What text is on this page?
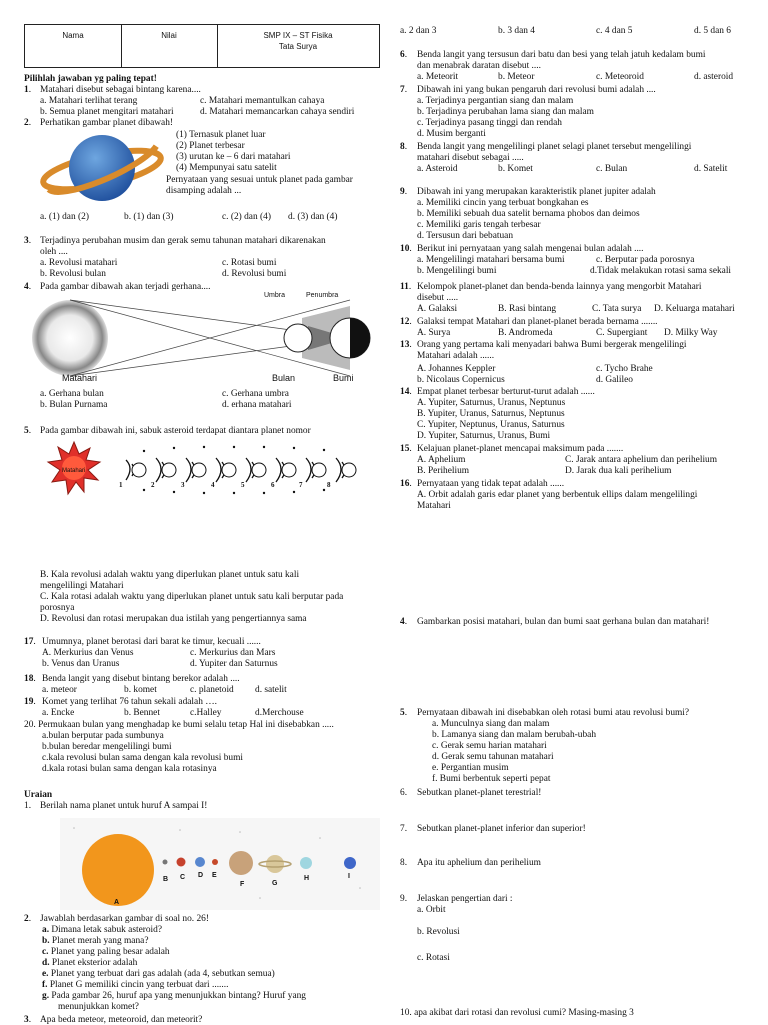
Nama	Nilai	SMP IX – ST Fisika
Tata Surya
Pilihlah jawaban yg paling tepat!
1. Matahari disebut sebagai bintang karena....
a. Matahari terlihat terang	c. Matahari memantulkan cahaya
b. Semua planet mengitari matahari	d. Matahari memancarkan cahaya sendiri
2. Perhatikan gambar planet dibawah!
(1) Ternasuk planet luar
(2) Planet terbesar
(3) urutan ke – 6 dari matahari
(4) Mempunyai satu satelit
Pernyataan yang sesuai untuk planet pada gambar
disamping adalah ...
a. (1) dan (2)	b. (1) dan (3)	c. (2) dan (4) d. (3) dan (4)
3. Terjadinya perubahan musim dan gerak semu tahunan matahari dikarenakan
oleh ....
a. Revolusi matahari	c. Rotasi bumi
b. Revolusi bulan	d. Revolusi bumi
4. Pada gambar dibawah akan terjadi gerhana....
Umbra	Penumbra
Matahari	Bulan	Bumi
a. Gerhana bulan	c. Gerhana umbra
b. Bulan Purnama	d. erhana matahari
5. Pada gambar dibawah ini, sabuk asteroid terdapat diantara planet nomor
Matahari
1	2	3	4	5	6	7	8
B. Kala revolusi adalah waktu yang diperlukan planet untuk satu kali
mengelilingi Matahari
C. Kala rotasi adalah waktu yang diperlukan planet untuk satu kali berputar pada
porosnya
D. Revolusi dan rotasi merupakan dua istilah yang pengertiannya sama
17. Umumnya, planet berotasi dari barat ke timur, kecuali ......
A. Merkurius dan Venus	c. Merkurius dan Mars
b. Venus dan Uranus	d. Yupiter dan Saturnus
18. Benda langit yang disebut bintang berekor adalah ....
a. meteor	b. komet	c. planetoid d. satelit
19. Komet yang terlihat 76 tahun sekali adalah ….
a. Encke	b. Bennet	c.Halley	d.Merchouse
20. Permukaan bulan yang menghadap ke bumi selalu tetap Hal ini disebabkan .....
a.bulan berputar pada sumbunya
b.bulan beredar mengelilingi bumi
c.kala revolusi bulan sama dengan kala revolusi bumi
d.kala rotasi bulan sama dengan kala rotasinya
Uraian
1. Berilah nama planet untuk huruf A sampai I!
A
B C D E
F	G
H	I
2. Jawablah berdasarkan gambar di soal no. 26!
a. Dimana letak sabuk asteroid?
b. Planet merah yang mana?
c. Planet yang paling besar adalah
d. Planet eksterior adalah
e. Planet yang terbuat dari gas adalah (ada 4, sebutkan semua)
f. Planet G memiliki cincin yang terbuat dari .......
g. Pada gambar 26, huruf apa yang menunjukkan bintang? Huruf yang
menunjukkan komet?
3. Apa beda meteor, meteoroid, dan meteorit?
a. 2 dan 3	b. 3 dan 4	c. 4 dan 5	d. 5 dan 6
6. Benda langit yang tersusun dari batu dan besi yang telah jatuh kedalam bumi
dan menabrak daratan disebut ....
a. Meteorit	b. Meteor	c. Meteoroid	d. asteroid
7. Dibawah ini yang bukan pengaruh dari revolusi bumi adalah ....
a. Terjadinya pergantian siang dan malam
b. Terjadinya perubahan lama siang dan malam
c. Terjadinya pasang tinggi dan rendah
d. Musim berganti
8. Benda langit yang mengelilingi planet selagi planet tersebut mengelilingi
matahari disebut sebagai .....
a. Asteroid	b. Komet	c. Bulan	d. Satelit
9. Dibawah ini yang merupakan karakteristik planet jupiter adalah
a. Memiliki cincin yang terbuat bongkahan es
b. Memiliki sebuah dua satelit bernama phobos dan deimos
c. Memiliki garis tengah terbesar
d. Tersusun dari bebatuan
10. Berikut ini pernyataan yang salah mengenai bulan adalah ....
a. Mengelilingi matahari bersama bumi	c. Berputar pada porosnya
b. Mengelilingi bumi	d.Tidak melakukan rotasi sama sekali
11. Kelompok planet-planet dan benda-benda lainnya yang mengorbit Matahari
disebut .....
A. Galaksi	B. Rasi bintang	C. Tata surya D. Keluarga matahari
12. Galaksi tempat Matahari dan planet-planet berada bernama .......
A. Surya	B. Andromeda	C. Supergiant D. Milky Way
13. Orang yang pertama kali menyadari bahwa Bumi bergerak mengelilingi
Matahari adalah ......
A. Johannes Keppler	c. Tycho Brahe
b. Nicolaus Copernicus	d. Galileo
14. Empat planet terbesar berturut-turut adalah ......
A. Yupiter, Saturnus, Uranus, Neptunus
B. Yupiter, Uranus, Saturnus, Neptunus
C. Yupiter, Neptunus, Uranus, Saturnus
D. Yupiter, Saturnus, Uranus, Bumi
15. Kelajuan planet-planet mencapai maksimum pada .......
A. Aphelium	C. Jarak antara aphelium dan perihelium
B. Perihelium	D. Jarak dua kali perihelium
16. Pernyataan yang tidak tepat adalah ......
A. Orbit adalah garis edar planet yang berbentuk ellips dalam mengelilingi
Matahari
4. Gambarkan posisi matahari, bulan dan bumi saat gerhana bulan dan matahari!
5. Pernyataan dibawah ini disebabkan oleh rotasi bumi atau revolusi bumi?
a. Munculnya siang dan malam
b. Lamanya siang dan malam berubah-ubah
c. Gerak semu harian matahari
d. Gerak semu tahunan matahari
e. Pergantian musim
f. Bumi berbentuk seperti pepat
6. Sebutkan planet-planet terestrial!
7. Sebutkan planet-planet inferior dan superior!
8. Apa itu aphelium dan perihelium
9. Jelaskan pengertian dari :
a. Orbit
b. Revolusi
c. Rotasi
10. apa akibat dari rotasi dan revolusi cumi? Masing-masing 3
